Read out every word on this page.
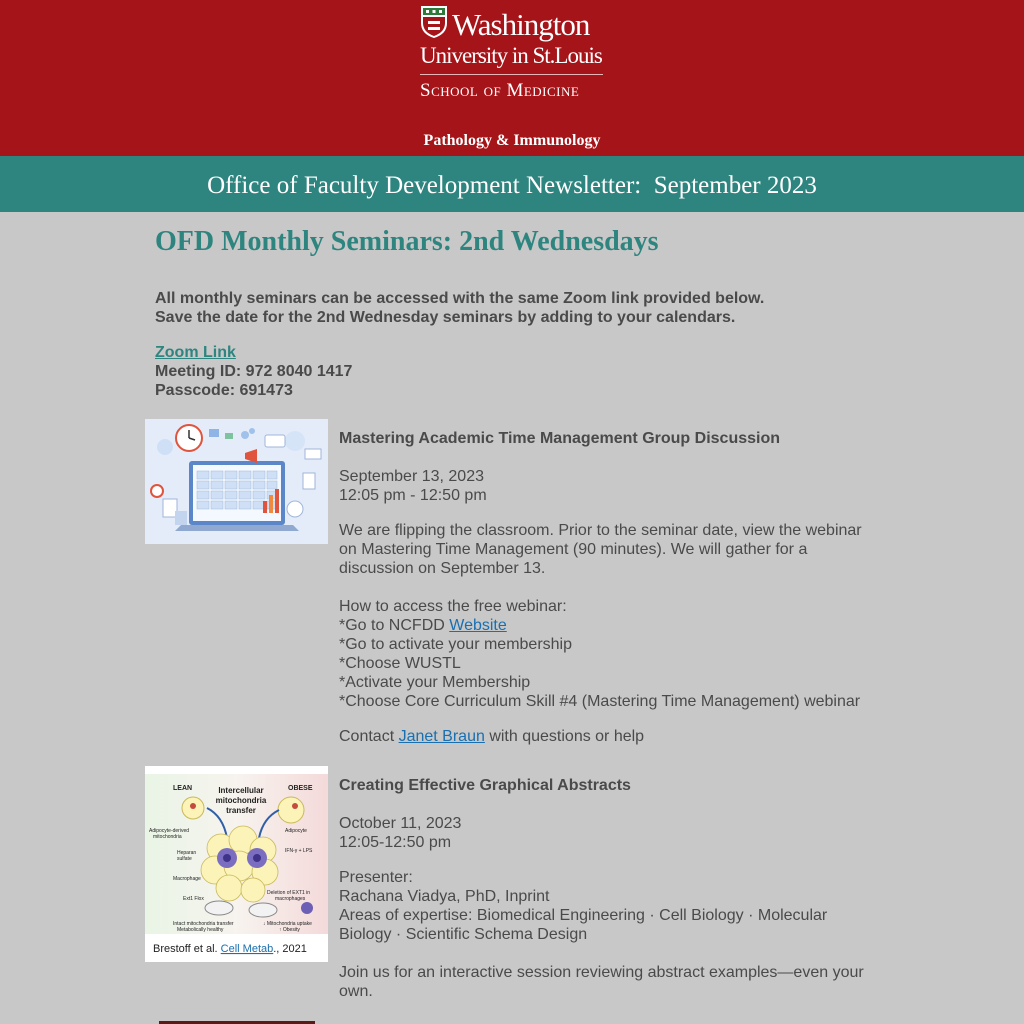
Washington
University in St.Louis
School of Medicine
Pathology & Immunology
Office of Faculty Development Newsletter:  September 2023
OFD Monthly Seminars: 2nd Wednesdays
All monthly seminars can be accessed with the same Zoom link provided below.
Save the date for the 2nd Wednesday seminars by adding to your calendars.
Zoom Link
Meeting ID: 972 8040 1417
Passcode: 691473
Mastering Academic Time Management Group Discussion
September 13, 2023
12:05 pm - 12:50 pm
We are flipping the classroom. Prior to the seminar date, view the webinar on Mastering Time Management (90 minutes). We will gather for a discussion on September 13.
How to access the free webinar:
*Go to NCFDD Website
*Go to activate your membership
*Choose WUSTL
*Activate your Membership
*Choose Core Curriculum Skill #4 (Mastering Time Management) webinar
Contact Janet Braun with questions or help
LEAN	OBESE
Intercellular
mitochondria
transfer
Adipocyte-derived
mitochondria
Adipocyte
Heparan
sulfate
IFN-γ + LPS
Macrophage
Ext1 Flox
Deletion of EXT1 in
macrophages
Intact mitochondria transfer
Metabolically healthy
↓ Mitochondria uptake
↑ Obesity
Brestoff et al. Cell Metab., 2021
Creating Effective Graphical Abstracts
October 11, 2023
12:05-12:50 pm
Presenter:
Rachana Viadya, PhD, Inprint
Areas of expertise: Biomedical Engineering · Cell Biology · Molecular Biology · Scientific Schema Design
Join us for an interactive session reviewing abstract examples—even your own.
